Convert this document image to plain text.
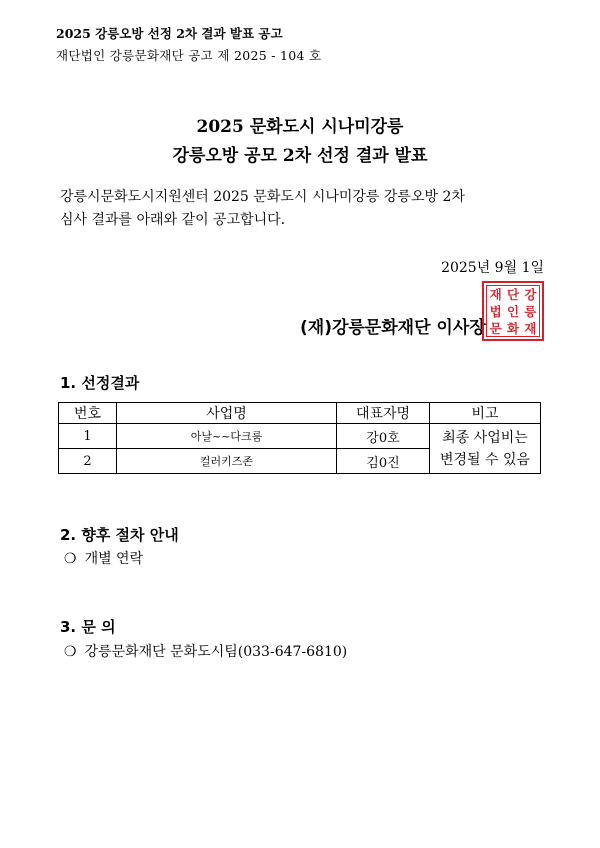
2025 강릉오방 선정 2차 결과 발표 공고
재단법인 강릉문화재단 공고 제 2025 - 104 호
2025 문화도시 시나미강릉
강릉오방 공모 2차 선정 결과 발표
강릉시문화도시지원센터 2025 문화도시 시나미강릉 강릉오방 2차
심사 결과를 아래와 같이 공고합니다.
2025년 9월 1일
(재)강릉문화재단 이사장
재 단 강
법 인 릉
문 화 재
1. 선정결과
번호	사업명	대표자명	비고
1	아날~~다크룸	강0호	최종 사업비는
변경될 수 있음
2	컬러키즈존	김0진	
2. 향후 절차 안내
❍ 개별 연락
3. 문 의
❍ 강릉문화재단 문화도시팀(033-647-6810)
